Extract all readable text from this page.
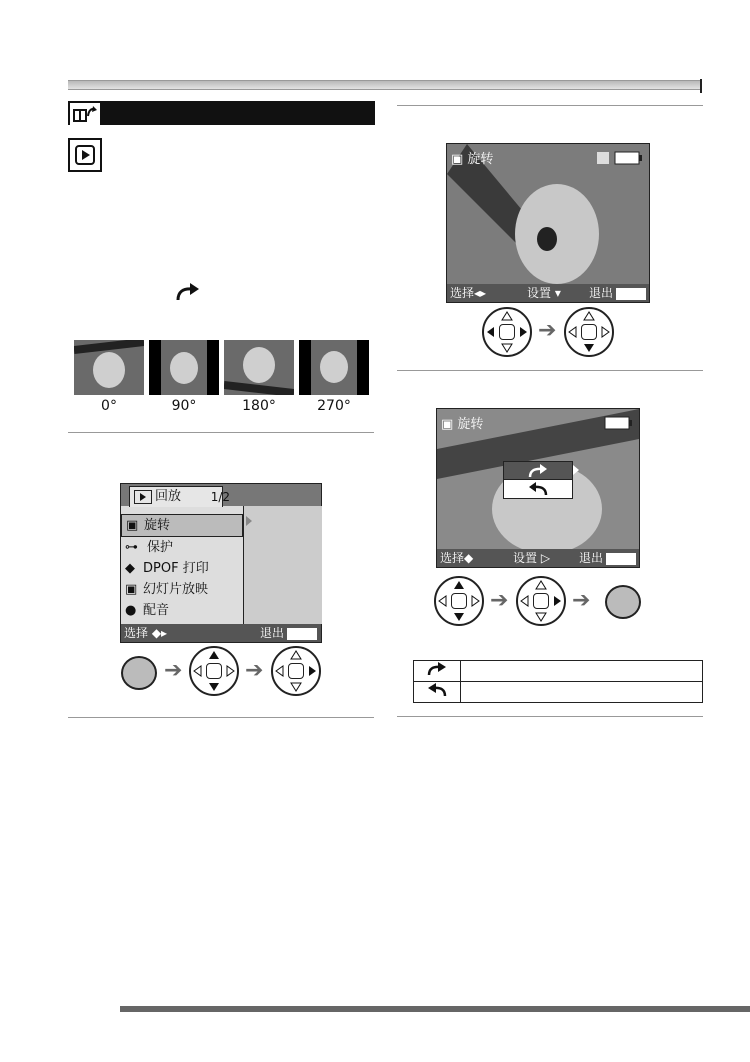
0°	90°	180°	270°
回放 1/2
▣ 旋转
⊶ 保护
◆ DPOF 打印
▣ 幻灯片放映
● 配音
选择 ◆▸	退出
➔	➔
▣ 旋转
选择◂▸	设置 ▾ 退出
➔
▣ 旋转
选择◆	设置 ▷ 退出
➔	➔
